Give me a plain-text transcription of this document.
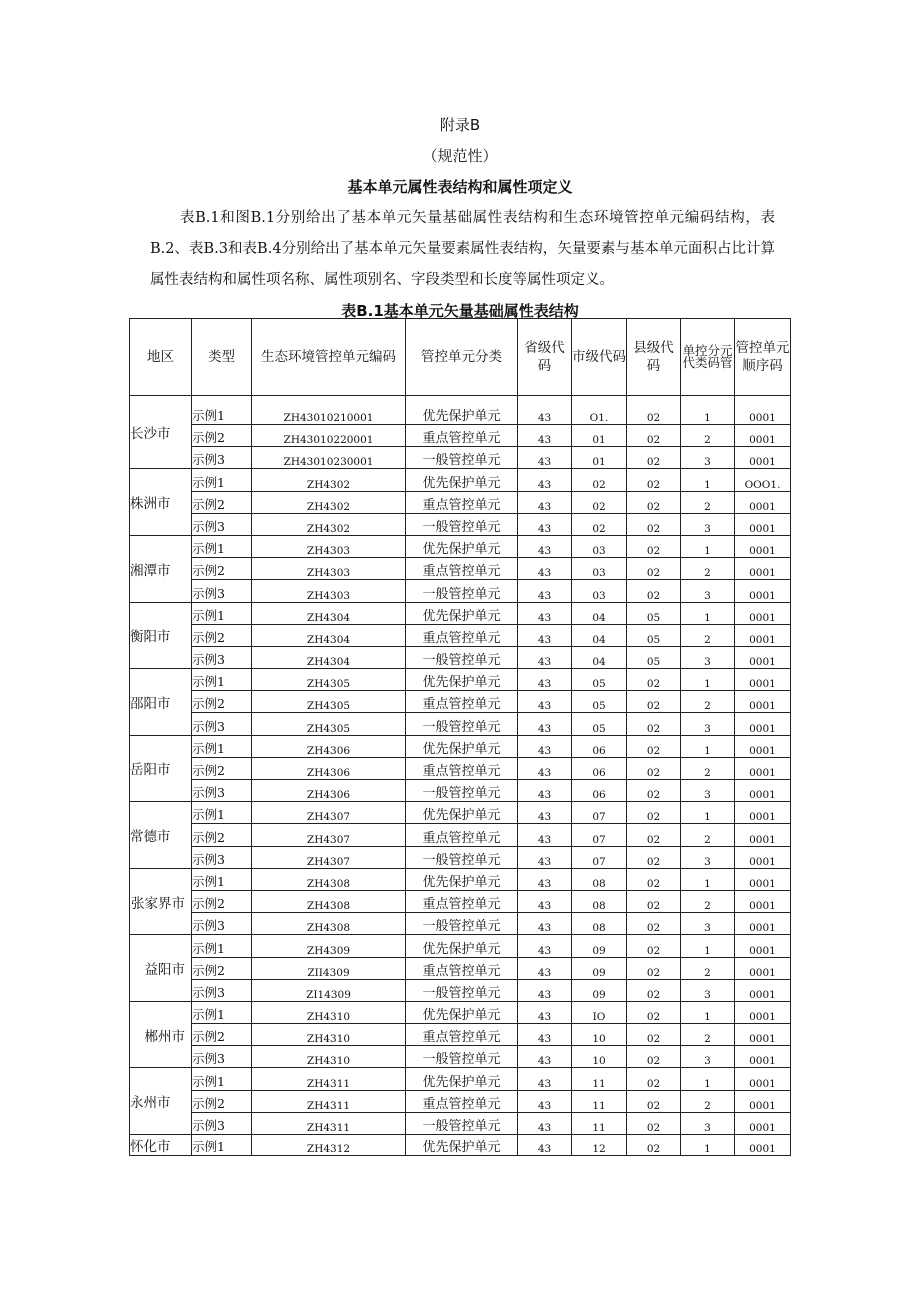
附录B
（规范性）
基本单元属性表结构和属性项定义
表B.1和图B.1分别给出了基本单元矢量基础属性表结构和生态环境管控单元编码结构，表B.2、表B.3和表B.4分别给出了基本单元矢量要素属性表结构，矢量要素与基本单元面积占比计算属性表结构和属性项名称、属性项别名、字段类型和长度等属性项定义。
表B.1基本单元矢量基础属性表结构
地区	类型	生态环境管控单元编码	管控单元分类	省级代码	市级代码	县级代码	单控分元代类码管	管控单元顺序码
长沙市	示例1	ZH43010210001	优先保护单元	43	O1.	02	1	0001
	示例2	ZH43010220001	重点管控单元	43	01	02	2	0001
	示例3	ZH43010230001	一般管控单元	43	01	02	3	0001
株洲市	示例1	ZH4302	优先保护单元	43	02	02	1	OOO1.
	示例2	ZH4302	重点管控单元	43	02	02	2	0001
	示例3	ZH4302	一般管控单元	43	02	02	3	0001
湘潭市	示例1	ZH4303	优先保护单元	43	03	02	1	0001
	示例2	ZH4303	重点管控单元	43	03	02	2	0001
	示例3	ZH4303	一般管控单元	43	03	02	3	0001
衡阳市	示例1	ZH4304	优先保护单元	43	04	05	1	0001
	示例2	ZH4304	重点管控单元	43	04	05	2	0001
	示例3	ZH4304	一般管控单元	43	04	05	3	0001
邵阳市	示例1	ZH4305	优先保护单元	43	05	02	1	0001
	示例2	ZH4305	重点管控单元	43	05	02	2	0001
	示例3	ZH4305	一般管控单元	43	05	02	3	0001
岳阳市	示例1	ZH4306	优先保护单元	43	06	02	1	0001
	示例2	ZH4306	重点管控单元	43	06	02	2	0001
	示例3	ZH4306	一般管控单元	43	06	02	3	0001
常德市	示例1	ZH4307	优先保护单元	43	07	02	1	0001
	示例2	ZH4307	重点管控单元	43	07	02	2	0001
	示例3	ZH4307	一般管控单元	43	07	02	3	0001
张家界市	示例1	ZH4308	优先保护单元	43	08	02	1	0001
	示例2	ZH4308	重点管控单元	43	08	02	2	0001
	示例3	ZH4308	一般管控单元	43	08	02	3	0001
益阳市	示例1	ZH4309	优先保护单元	43	09	02	1	0001
	示例2	ZII4309	重点管控单元	43	09	02	2	0001
	示例3	ZI14309	一般管控单元	43	09	02	3	0001
郴州市	示例1	ZH4310	优先保护单元	43	IO	02	1	0001
	示例2	ZH4310	重点管控单元	43	10	02	2	0001
	示例3	ZH4310	一般管控单元	43	10	02	3	0001
永州市	示例1	ZH4311	优先保护单元	43	11	02	1	0001
	示例2	ZH4311	重点管控单元	43	11	02	2	0001
	示例3	ZH4311	一般管控单元	43	11	02	3	0001
怀化市	示例1	ZH4312	优先保护单元	43	12	02	1	0001
